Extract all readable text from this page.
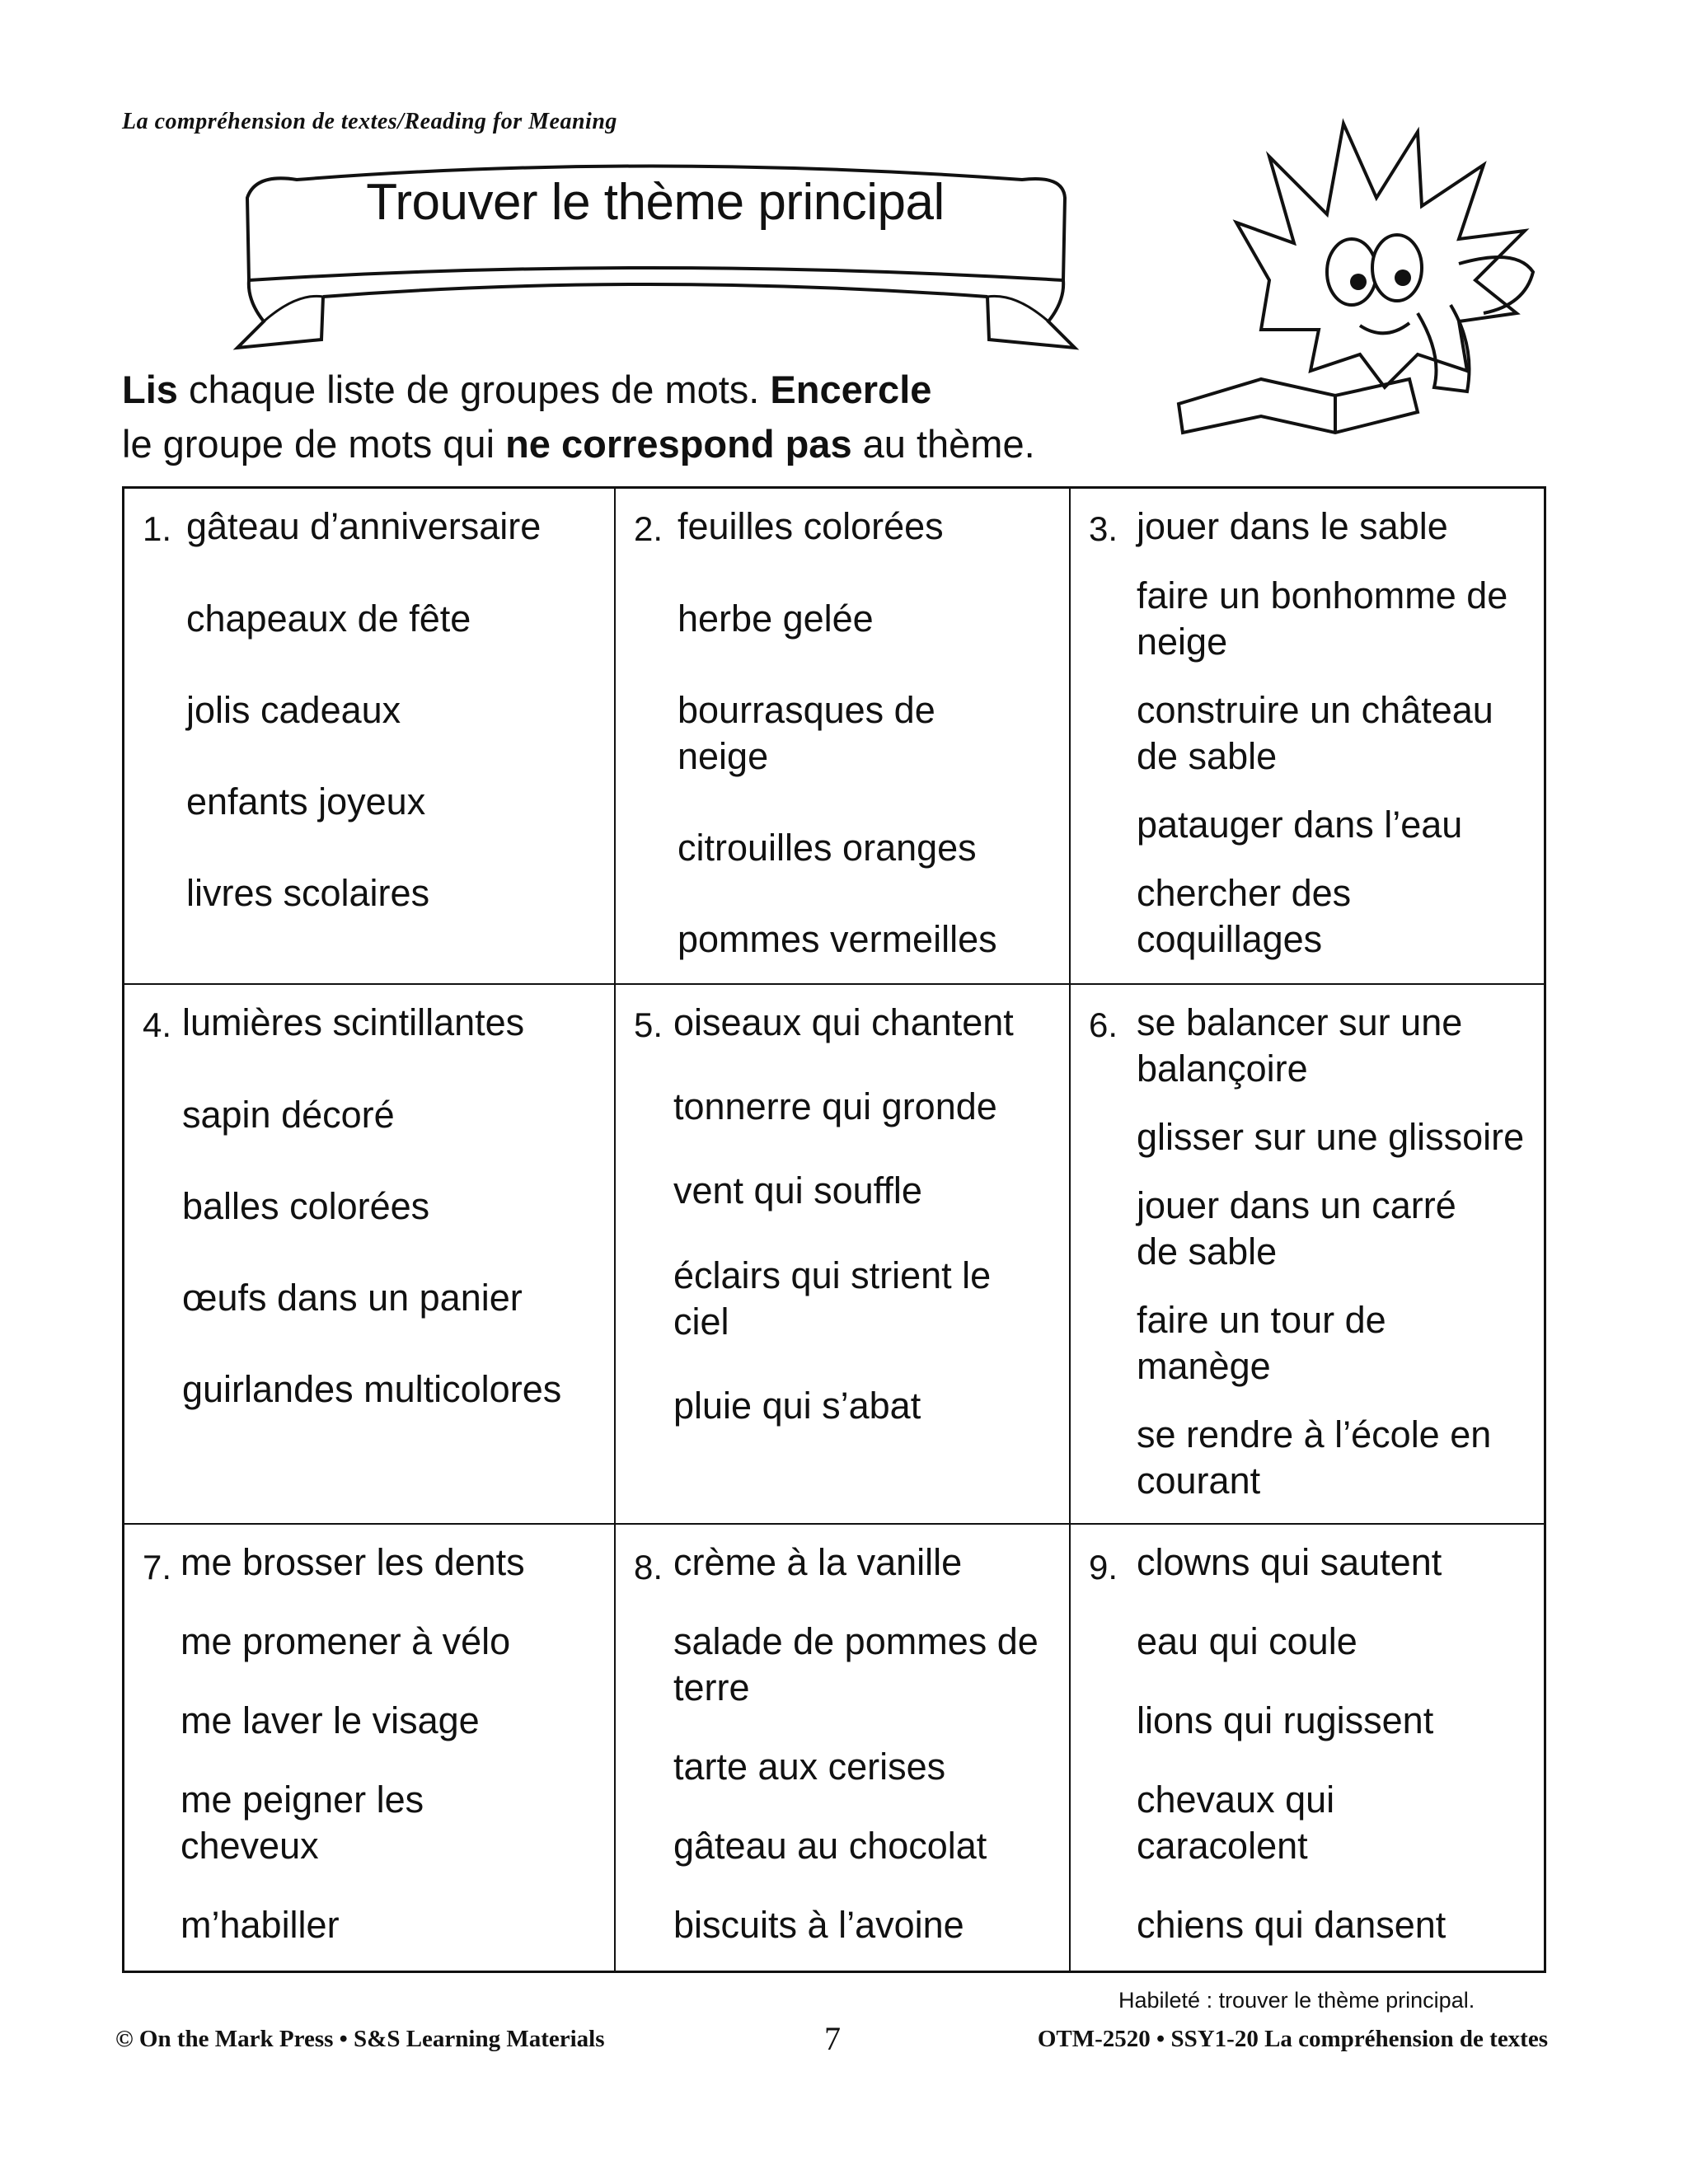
La compréhension de textes/Reading for Meaning
Trouver le thème principal
Lis chaque liste de groupes de mots. Encercle
le groupe de mots qui ne correspond pas au thème.
1. gâteau d’anniversaire
chapeaux de fête
jolis cadeaux
enfants joyeux
livres scolaires
2. feuilles colorées
herbe gelée
bourrasques de neige
citrouilles oranges
pommes vermeilles
3. jouer dans le sable
faire un bonhomme de neige
construire un château de sable
patauger dans l’eau
chercher des coquillages
4. lumières scintillantes
sapin décoré
balles colorées
œufs dans un panier
guirlandes multicolores
5. oiseaux qui chantent
tonnerre qui gronde
vent qui souffle
éclairs qui strient le ciel
pluie qui s’abat
6. se balancer sur une balançoire
glisser sur une glissoire
jouer dans un carré de sable
faire un tour de manège
se rendre à l’école en courant
7. me brosser les dents
me promener à vélo
me laver le visage
me peigner les cheveux
m’habiller
8. crème à la vanille
salade de pommes de terre
tarte aux cerises
gâteau au chocolat
biscuits à l’avoine
9. clowns qui sautent
eau qui coule
lions qui rugissent
chevaux qui caracolent
chiens qui dansent
Habileté : trouver le thème principal.
© On the Mark Press • S&S Learning Materials	7	OTM-2520 • SSY1-20 La compréhension de textes
